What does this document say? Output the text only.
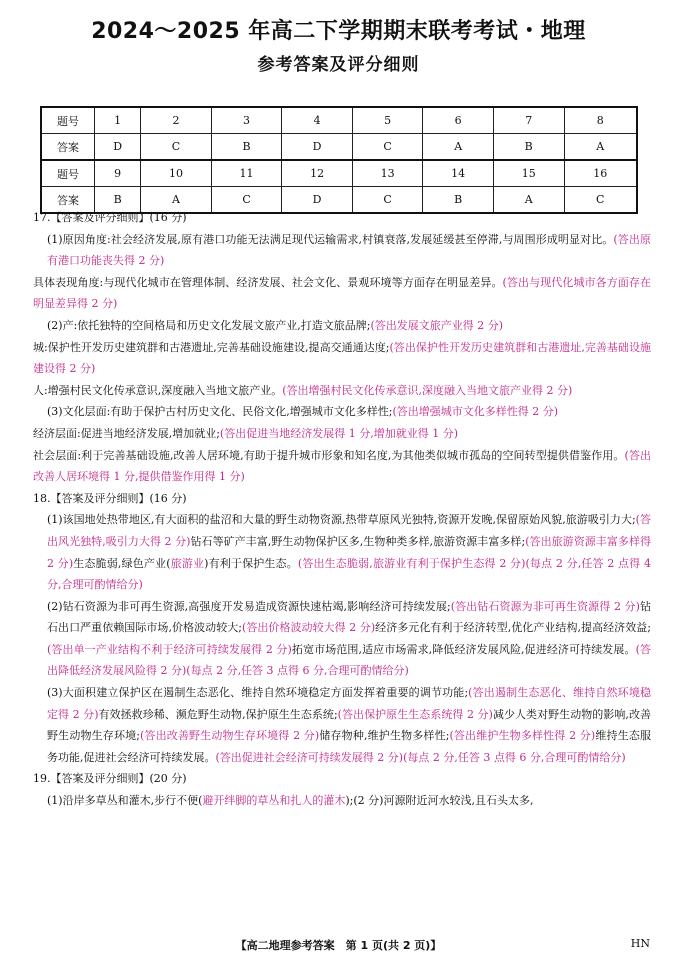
2024～2025 年高二下学期期末联考考试・地理
参考答案及评分细则
题号	1	2	3	4	5	6	7	8
答案	D	C	B	D	C	A	B	A
题号	9	10	11	12	13	14	15	16
答案	B	A	C	D	C	B	A	C

17.【答案及评分细则】(16 分)

(1)原因角度:社会经济发展,原有港口功能无法满足现代运输需求,村镇衰落,发展延缓甚至停滞,与周围形成明显对比。(答出原有港口功能丧失得 2 分)

具体表现角度:与现代化城市在管理体制、经济发展、社会文化、景观环境等方面存在明显差异。(答出与现代化城市各方面存在明显差异得 2 分)

(2)产:依托独特的空间格局和历史文化发展文旅产业,打造文旅品牌;(答出发展文旅产业得 2 分)

城:保护性开发历史建筑群和古港遗址,完善基础设施建设,提高交通通达度;(答出保护性开发历史建筑群和古港遗址,完善基础设施建设得 2 分)

人:增强村民文化传承意识,深度融入当地文旅产业。(答出增强村民文化传承意识,深度融入当地文旅产业得 2 分)

(3)文化层面:有助于保护古村历史文化、民俗文化,增强城市文化多样性;(答出增强城市文化多样性得 2 分)

经济层面:促进当地经济发展,增加就业;(答出促进当地经济发展得 1 分,增加就业得 1 分)

社会层面:利于完善基础设施,改善人居环境,有助于提升城市形象和知名度,为其他类似城市孤岛的空间转型提供借鉴作用。(答出改善人居环境得 1 分,提供借鉴作用得 1 分)

18.【答案及评分细则】(16 分)

(1)该国地处热带地区,有大面积的盐沼和大量的野生动物资源,热带草原风光独特,资源开发晚,保留原始风貌,旅游吸引力大;(答出风光独特,吸引力大得 2 分)钻石等矿产丰富,野生动物保护区多,生物种类多样,旅游资源丰富多样;(答出旅游资源丰富多样得 2 分)生态脆弱,绿色产业(旅游业)有利于保护生态。(答出生态脆弱,旅游业有利于保护生态得 2 分)(每点 2 分,任答 2 点得 4 分,合理可酌情给分)

(2)钻石资源为非可再生资源,高强度开发易造成资源快速枯竭,影响经济可持续发展;(答出钻石资源为非可再生资源得 2 分)钻石出口严重依赖国际市场,价格波动较大;(答出价格波动较大得 2 分)经济多元化有利于经济转型,优化产业结构,提高经济效益;(答出单一产业结构不利于经济可持续发展得 2 分)拓宽市场范围,适应市场需求,降低经济发展风险,促进经济可持续发展。(答出降低经济发展风险得 2 分)(每点 2 分,任答 3 点得 6 分,合理可酌情给分)

(3)大面积建立保护区在遏制生态恶化、维持自然环境稳定方面发挥着重要的调节功能;(答出遏制生态恶化、维持自然环境稳定得 2 分)有效拯救珍稀、濒危野生动物,保护原生生态系统;(答出保护原生生态系统得 2 分)减少人类对野生动物的影响,改善野生动物生存环境;(答出改善野生动物生存环境得 2 分)储存物种,维护生物多样性;(答出维护生物多样性得 2 分)维持生态服务功能,促进社会经济可持续发展。(答出促进社会经济可持续发展得 2 分)(每点 2 分,任答 3 点得 6 分,合理可酌情给分)

19.【答案及评分细则】(20 分)

(1)沿岸多草丛和灌木,步行不便(避开绊脚的草丛和扎人的灌木);(2 分)河源附近河水较浅,且石头太多,

【高二地理参考答案　第 1 页(共 2 页)】	HN
